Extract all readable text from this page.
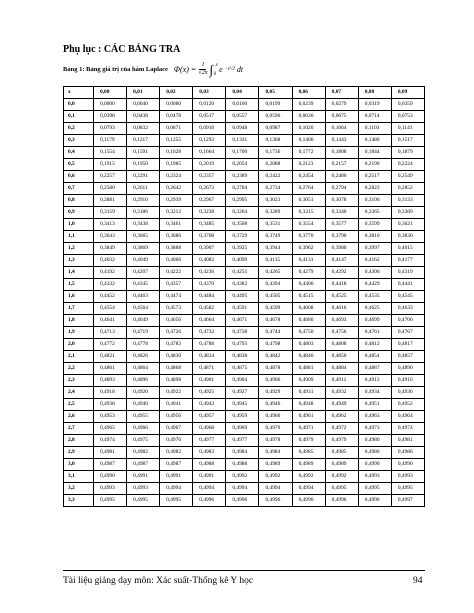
Phụ lục : CÁC BẢNG TRA
Bảng 1: Bảng giá trị của hàm Laplace $\Phi(x) = \frac{1}{√2\pi}$ ∫ x
0
e −t²/2 dt
x	0,00	0,01	0,02	0,03	0,04	0,05	0,06	0,07	0,08	0,09
0,0	0,0000	0,0040	0,0080	0,0120	0,0160	0,0199	0,0239	0,0279	0,0319	0,0359
0,1	0,0398	0,0438	0,0478	0,0517	0,0557	0,0596	0,0636	0,0675	0,0714	0,0753
0,2	0,0793	0,0832	0,0871	0,0910	0,0948	0,0987	0,1026	0,1064	0,1103	0,1141
0,3	0,1179	0,1217	0,1255	0,1293	0,1331	0,1368	0,1406	0,1443	0,1480	0,1517
0,4	0,1554	0,1591	0,1628	0,1664	0,1700	0,1736	0,1772	0,1808	0,1844	0,1879
0,5	0,1915	0,1950	0,1985	0,2019	0,2054	0,2088	0,2123	0,2157	0,2190	0,2224
0,6	0,2257	0,2291	0,2324	0,2357	0,2389	0,2422	0,2454	0,2486	0,2517	0,2549
0,7	0,2580	0,2611	0,2642	0,2673	0,2704	0,2734	0,2764	0,2794	0,2823	0,2852
0,8	0,2881	0,2910	0,2939	0,2967	0,2995	0,3023	0,3051	0,3078	0,3106	0,3133
0,9	0,3159	0,3186	0,3212	0,3238	0,3264	0,3289	0,3315	0,3340	0,3365	0,3389
1,0	0,3413	0,3438	0,3461	0,3485	0,3508	0,3531	0,3554	0,3577	0,3599	0,3621
1,1	0,3643	0,3665	0,3686	0,3708	0,3729	0,3749	0,3770	0,3790	0,3810	0,3830
1,2	0,3849	0,3869	0,3888	0,3907	0,3925	0,3944	0,3962	0,3980	0,3997	0,4015
1,3	0,4032	0,4049	0,4066	0,4082	0,4099	0,4115	0,4131	0,4147	0,4162	0,4177
1,4	0,4192	0,4207	0,4222	0,4236	0,4251	0,4265	0,4279	0,4292	0,4306	0,4319
1,5	0,4332	0,4345	0,4357	0,4370	0,4382	0,4394	0,4406	0,4418	0,4429	0,4441
1,6	0,4452	0,4463	0,4474	0,4484	0,4495	0,4505	0,4515	0,4525	0,4535	0,4545
1,7	0,4554	0,4564	0,4573	0,4582	0,4591	0,4599	0,4608	0,4616	0,4625	0,4633
1,8	0,4641	0,4649	0,4656	0,4664	0,4671	0,4678	0,4686	0,4693	0,4699	0,4706
1,9	0,4713	0,4719	0,4726	0,4732	0,4738	0,4744	0,4750	0,4756	0,4761	0,4767
2,0	0,4772	0,4778	0,4783	0,4788	0,4793	0,4798	0,4803	0,4808	0,4812	0,4817
2,1	0,4821	0,4826	0,4830	0,4834	0,4838	0,4842	0,4846	0,4850	0,4854	0,4857
2,2	0,4861	0,4864	0,4868	0,4871	0,4875	0,4878	0,4881	0,4884	0,4887	0,4890
2,3	0,4893	0,4896	0,4898	0,4901	0,4904	0,4906	0,4909	0,4911	0,4913	0,4916
2,4	0,4918	0,4920	0,4922	0,4925	0,4927	0,4929	0,4931	0,4932	0,4934	0,4936
2,5	0,4938	0,4940	0,4941	0,4943	0,4945	0,4946	0,4948	0,4949	0,4951	0,4952
2,6	0,4953	0,4955	0,4956	0,4957	0,4959	0,4960	0,4961	0,4962	0,4963	0,4964
2,7	0,4965	0,4966	0,4967	0,4968	0,4969	0,4970	0,4971	0,4972	0,4973	0,4974
2,8	0,4974	0,4975	0,4976	0,4977	0,4977	0,4978	0,4979	0,4979	0,4980	0,4981
2,9	0,4981	0,4982	0,4982	0,4983	0,4984	0,4984	0,4985	0,4985	0,4986	0,4986
3,0	0,4987	0,4987	0,4987	0,4988	0,4988	0,4989	0,4989	0,4989	0,4990	0,4990
3,1	0,4990	0,4991	0,4991	0,4991	0,4992	0,4992	0,4992	0,4992	0,4993	0,4993
3,2	0,4993	0,4993	0,4994	0,4994	0,4994	0,4994	0,4994	0,4995	0,4995	0,4995
3,3	0,4995	0,4995	0,4995	0,4996	0,4996	0,4996	0,4996	0,4996	0,4996	0,4997
Tài liệu giảng dạy môn: Xác suất-Thống kê Y học	94
